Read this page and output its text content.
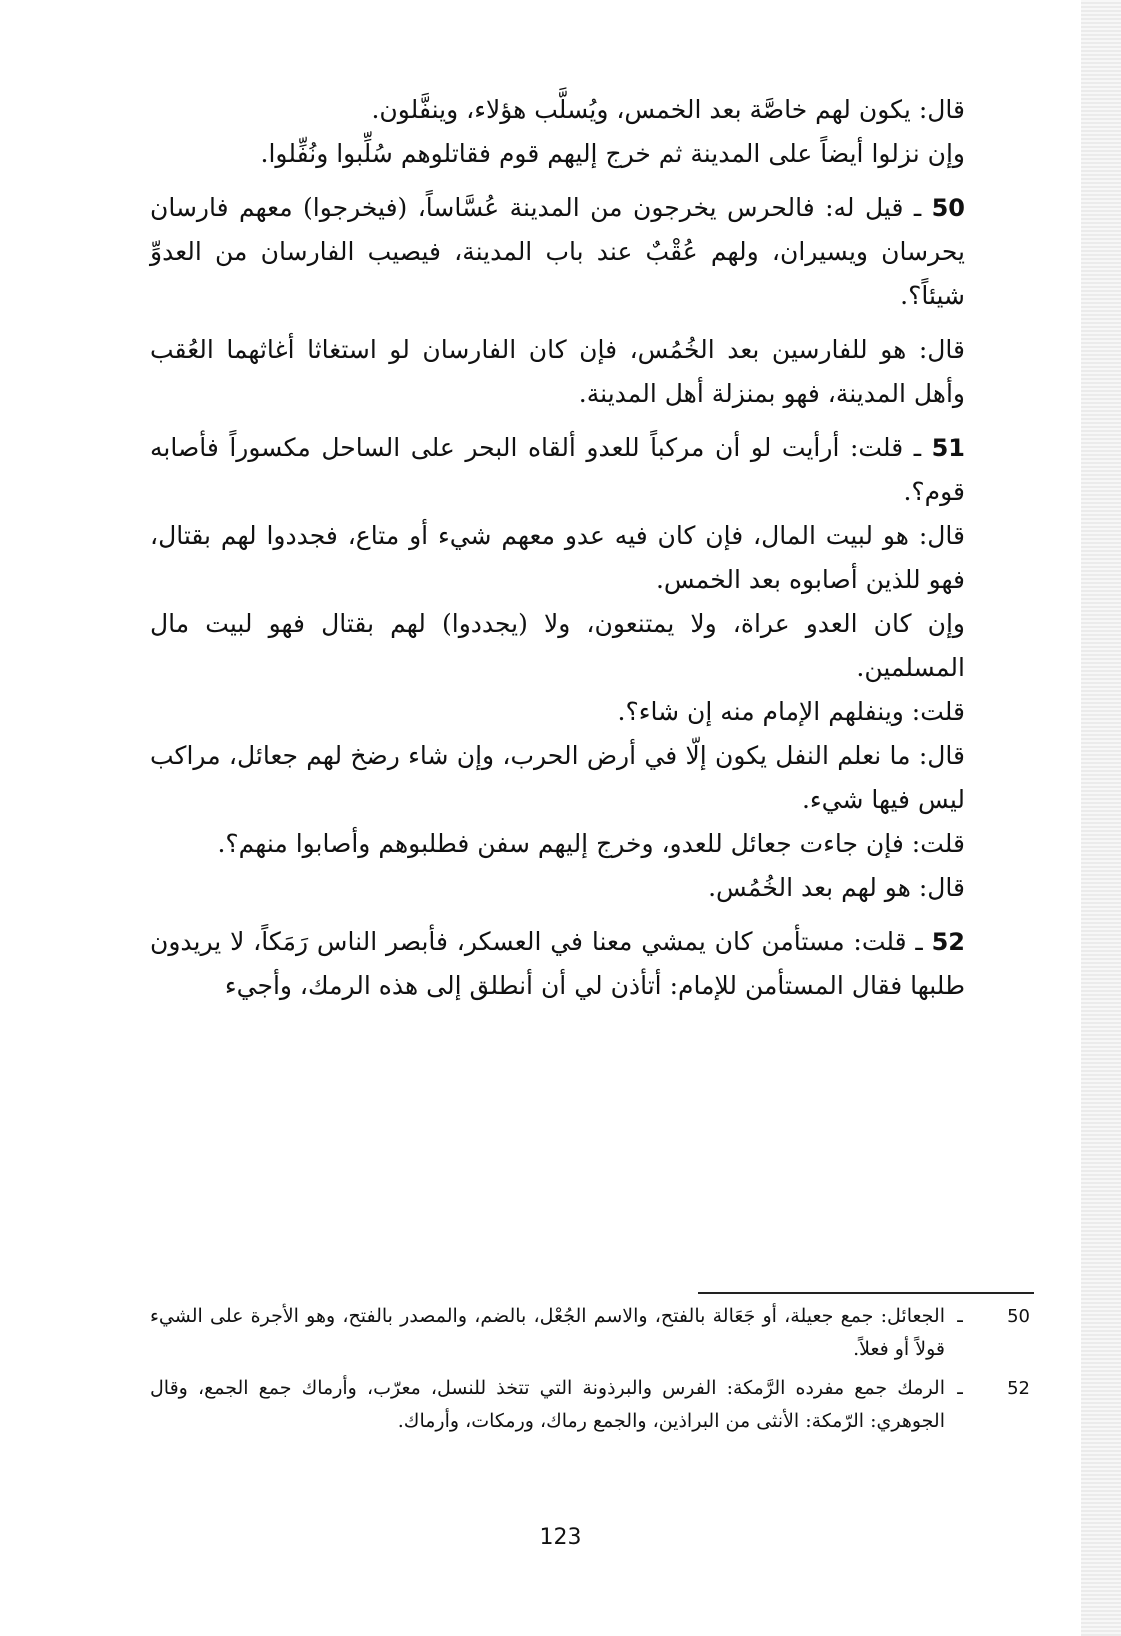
قال: يكون لهم خاصَّة بعد الخمس، ويُسلَّب هؤلاء، وينفَّلون.

وإن نزلوا أيضاً على المدينة ثم خرج إليهم قوم فقاتلوهم سُلِّبوا ونُفِّلوا.

50 ـ قيل له: فالحرس يخرجون من المدينة عُسَّاساً، (فيخرجوا) معهم فارسان يحرسان ويسيران، ولهم عُقْبٌ عند باب المدينة، فيصيب الفارسان من العدوِّ شيئاً؟.

قال: هو للفارسين بعد الخُمُس، فإن كان الفارسان لو استغاثا أغاثهما العُقب وأهل المدينة، فهو بمنزلة أهل المدينة.

51 ـ قلت: أرأيت لو أن مركباً للعدو ألقاه البحر على الساحل مكسوراً فأصابه قوم؟.

قال: هو لبيت المال، فإن كان فيه عدو معهم شيء أو متاع، فجددوا لهم بقتال، فهو للذين أصابوه بعد الخمس.

وإن كان العدو عراة، ولا يمتنعون، ولا (يجددوا) لهم بقتال فهو لبيت مال المسلمين.

قلت: وينفلهم الإمام منه إن شاء؟.

قال: ما نعلم النفل يكون إلّا في أرض الحرب، وإن شاء رضخ لهم جعائل، مراكب ليس فيها شيء.

قلت: فإن جاءت جعائل للعدو، وخرج إليهم سفن فطلبوهم وأصابوا منهم؟.

قال: هو لهم بعد الخُمُس.

52 ـ قلت: مستأمن كان يمشي معنا في العسكر، فأبصر الناس رَمَكاً، لا يريدون طلبها فقال المستأمن للإمام: أتأذن لي أن أنطلق إلى هذه الرمك، وأجيء

50
ـ
الجعائل: جمع جعيلة، أو جَعَالة بالفتح، والاسم الجُعْل، بالضم، والمصدر بالفتح، وهو الأجرة على الشيء قولاً أو فعلاً.
52
ـ
الرمك جمع مفرده الرَّمكة: الفرس والبرذونة التي تتخذ للنسل، معرّب، وأرماك جمع الجمع، وقال الجوهري: الرّمكة: الأنثى من البراذين، والجمع رماك، ورمكات، وأرماك.
123
